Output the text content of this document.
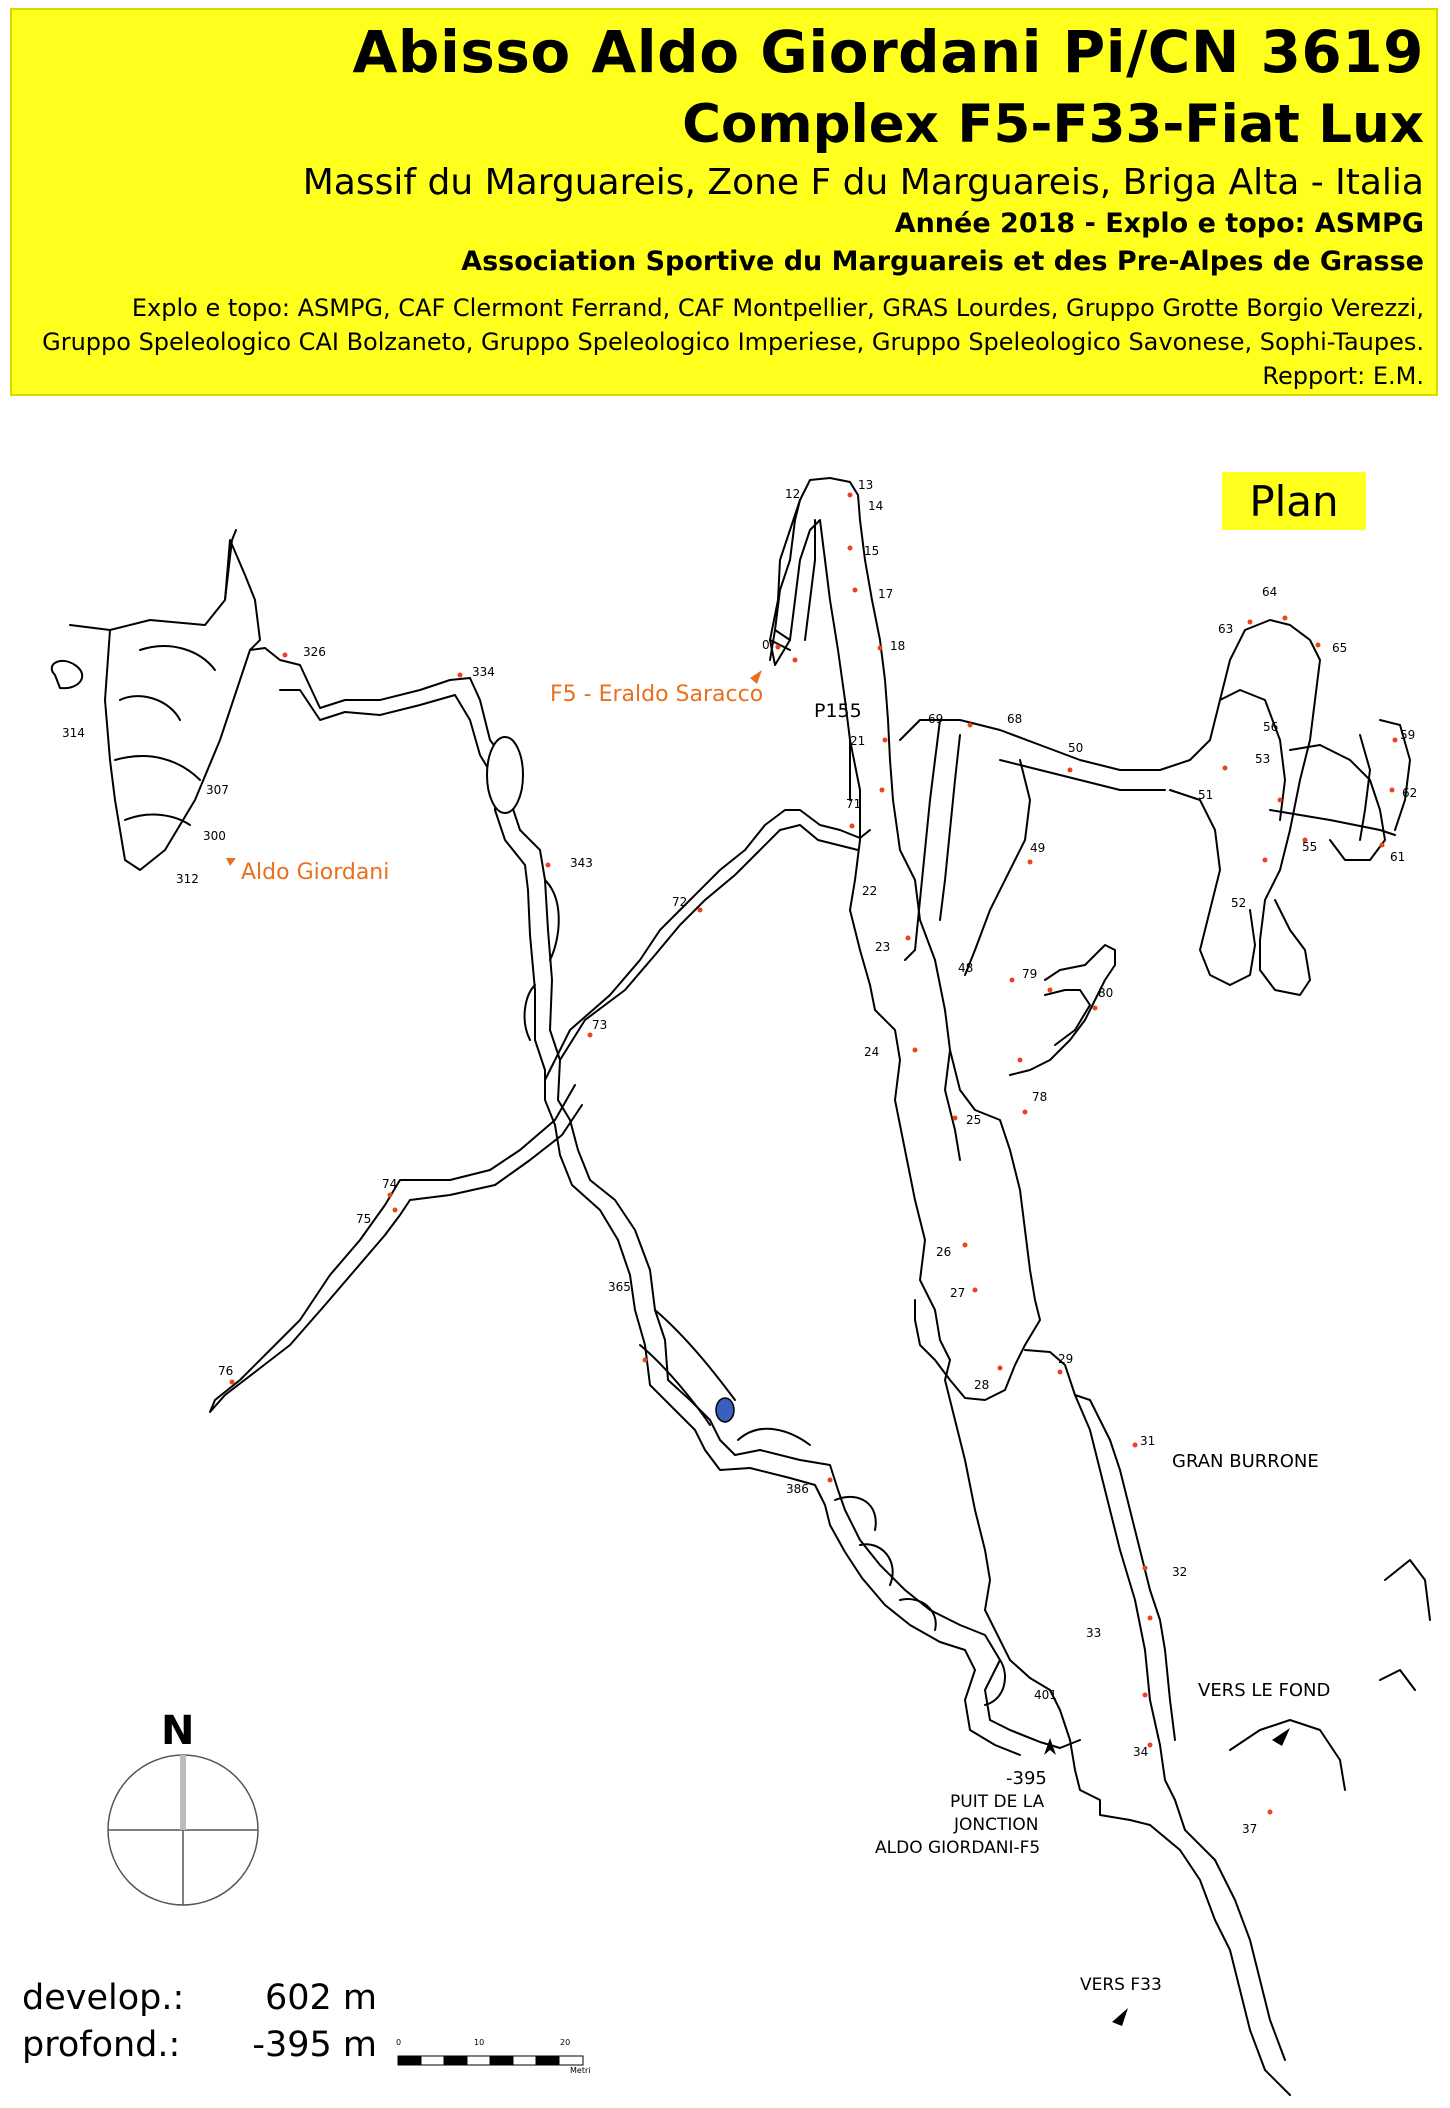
Abisso Aldo Giordani Pi/CN 3619
Complex F5-F33-Fiat Lux
Massif du Marguareis, Zone F du Marguareis, Briga Alta - Italia
Année 2018 - Explo e topo: ASMPG
Association Sportive du Marguareis et des Pre-Alpes de Grasse
Explo e topo: ASMPG, CAF Clermont Ferrand, CAF Montpellier, GRAS Lourdes, Gruppo Grotte Borgio Verezzi,
Gruppo Speleologico CAI Bolzaneto, Gruppo Speleologico Imperiese, Gruppo Speleologico Savonese, Sophi-Taupes.
Repport: E.M.
Plan
F5 - Eraldo Saracco
Aldo Giordani
P155
GRAN BURRONE
VERS LE FOND
VERS F33
-395
PUIT DE LA
JONCTION
ALDO GIORDANI-F5
0
12
13
14
15
17
18
21
22
23
24
25
26
27
28
29
31
32
33
34
37
48
49
50
51
52
53
55
56
59
61
62
63
64
65
68
69
71
72
73
74
75
76
78
79
80
300
307
312
314
326
334
343
365
386
401
N
0	10	20
Metri
develop.:	602 m
profond.:	-395 m
